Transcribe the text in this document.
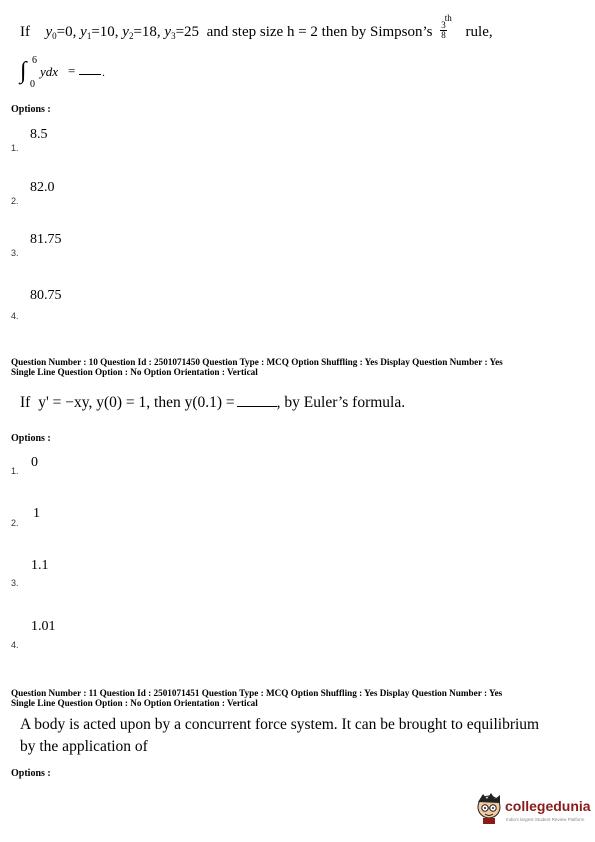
If $y_0=0$, $y_1=10$, $y_2=18$, $y_3=25$ and step size h = 2 then by Simpson’s $\frac{3}{8}$
$^{th}$ rule,
∫ 6
0
ydx = .
Options :
8.5
1.
82.0
2.
81.75
3.
80.75
4.
Question Number : 10 Question Id : 2501071450 Question Type : MCQ Option Shuffling : Yes Display Question Number : Yes
Single Line Question Option : No Option Orientation : Vertical
If y' = −xy, y(0) = 1, then y(0.1) =	, by Euler’s formula.
Options :
0
1.
1
2.
1.1
3.
1.01
4.
Question Number : 11 Question Id : 2501071451 Question Type : MCQ Option Shuffling : Yes Display Question Number : Yes
Single Line Question Option : No Option Orientation : Vertical
A body is acted upon by a concurrent force system. It can be brought to equilibrium
by the application of
Options :
collegedunia
India's largest Student Review Platform
